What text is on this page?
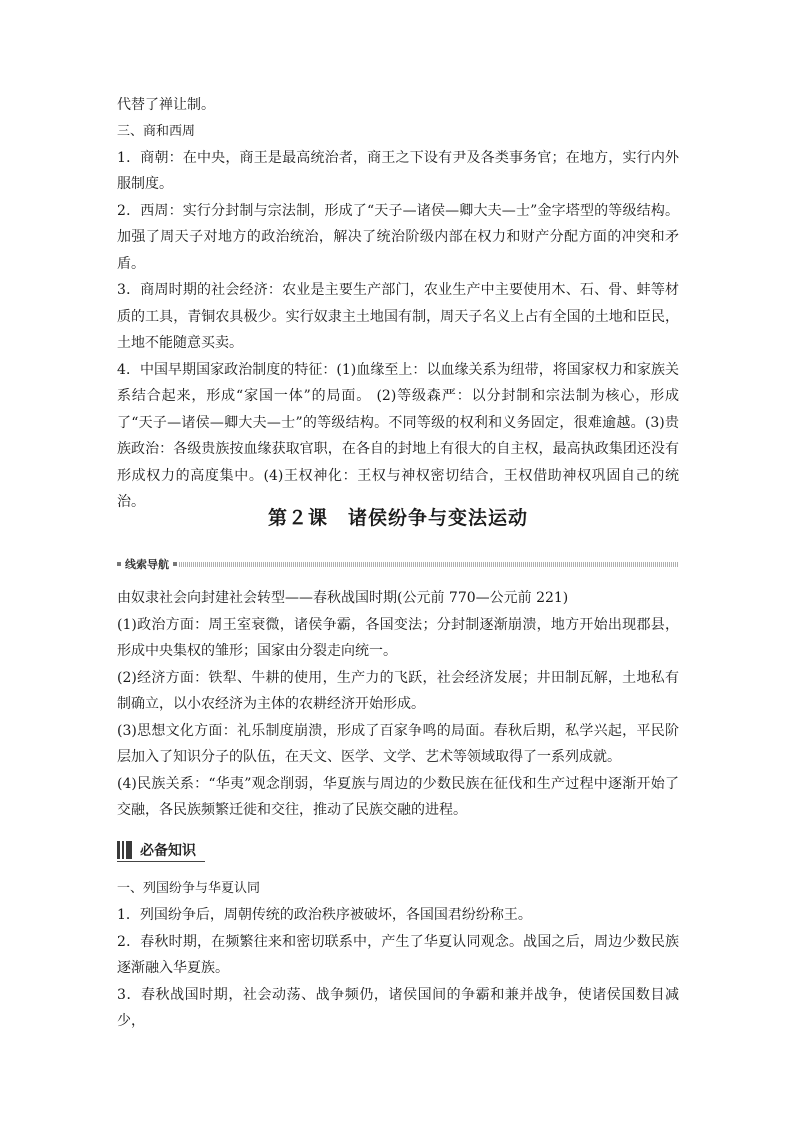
代替了禅让制。

三、商和西周

1．商朝：在中央，商王是最高统治者，商王之下设有尹及各类事务官；在地方，实行内外服制度。

2．西周：实行分封制与宗法制，形成了“天子—诸侯—卿大夫—士”金字塔型的等级结构。加强了周天子对地方的政治统治，解决了统治阶级内部在权力和财产分配方面的冲突和矛盾。

3．商周时期的社会经济：农业是主要生产部门，农业生产中主要使用木、石、骨、蚌等材质的工具，青铜农具极少。实行奴隶主土地国有制，周天子名义上占有全国的土地和臣民，土地不能随意买卖。

4．中国早期国家政治制度的特征：(1)血缘至上：以血缘关系为纽带，将国家权力和家族关系结合起来，形成“家国一体”的局面。 (2)等级森严：以分封制和宗法制为核心，形成了“天子—诸侯—卿大夫—士”的等级结构。不同等级的权利和义务固定，很难逾越。(3)贵族政治：各级贵族按血缘获取官职，在各自的封地上有很大的自主权，最高执政集团还没有形成权力的高度集中。(4)王权神化：王权与神权密切结合，王权借助神权巩固自己的统治。

第２课　诸侯纷争与变法运动

线索导航

由奴隶社会向封建社会转型——春秋战国时期(公元前 770—公元前 221)

(1)政治方面：周王室衰微，诸侯争霸，各国变法；分封制逐渐崩溃，地方开始出现郡县，形成中央集权的雏形；国家由分裂走向统一。

(2)经济方面：铁犁、牛耕的使用，生产力的飞跃，社会经济发展；井田制瓦解，土地私有制确立，以小农经济为主体的农耕经济开始形成。

(3)思想文化方面：礼乐制度崩溃，形成了百家争鸣的局面。春秋后期，私学兴起，平民阶层加入了知识分子的队伍，在天文、医学、文学、艺术等领域取得了一系列成就。

(4)民族关系：“华夷”观念削弱，华夏族与周边的少数民族在征伐和生产过程中逐渐开始了交融，各民族频繁迁徙和交往，推动了民族交融的进程。

必备知识

一、列国纷争与华夏认同

1．列国纷争后，周朝传统的政治秩序被破坏，各国国君纷纷称王。

2．春秋时期，在频繁往来和密切联系中，产生了华夏认同观念。战国之后，周边少数民族逐渐融入华夏族。

3．春秋战国时期，社会动荡、战争频仍，诸侯国间的争霸和兼并战争，使诸侯国数目减少，
